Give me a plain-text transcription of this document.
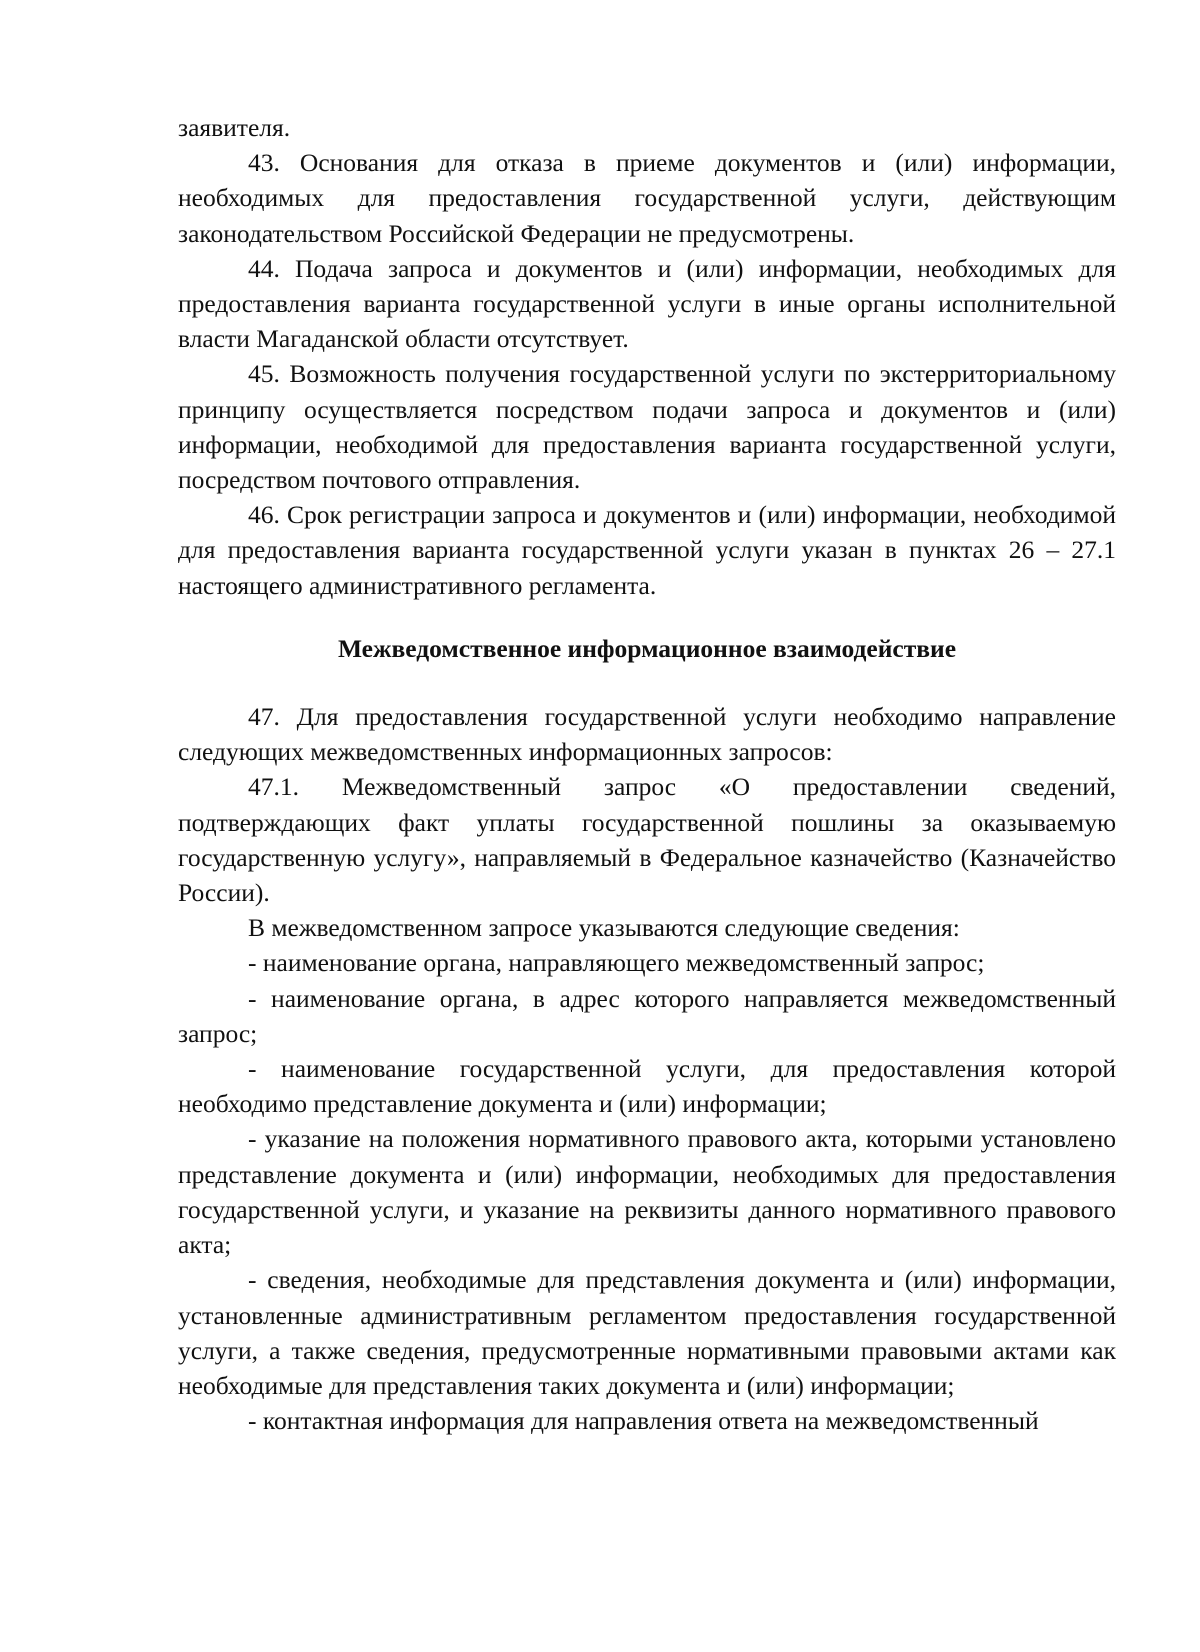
заявителя.

43. Основания для отказа в приеме документов и (или) информации, необходимых для предоставления государственной услуги, действующим законодательством Российской Федерации не предусмотрены.

44. Подача запроса и документов и (или) информации, необходимых для предоставления варианта государственной услуги в иные органы исполнительной власти Магаданской области отсутствует.

45. Возможность получения государственной услуги по экстерриториальному принципу осуществляется посредством подачи запроса и документов и (или) информации, необходимой для предоставления варианта государственной услуги, посредством почтового отправления.

46. Срок регистрации запроса и документов и (или) информации, необходимой для предоставления варианта государственной услуги указан в пунктах 26 – 27.1 настоящего административного регламента.

Межведомственное информационное взаимодействие

47. Для предоставления государственной услуги необходимо направление следующих межведомственных информационных запросов:

47.1. Межведомственный запрос «О предоставлении сведений, подтверждающих факт уплаты государственной пошлины за оказываемую государственную услугу», направляемый в Федеральное казначейство (Казначейство России).

В межведомственном запросе указываются следующие сведения:

- наименование органа, направляющего межведомственный запрос;

- наименование органа, в адрес которого направляется межведомственный запрос;

- наименование государственной услуги, для предоставления которой необходимо представление документа и (или) информации;

- указание на положения нормативного правового акта, которыми установлено представление документа и (или) информации, необходимых для предоставления государственной услуги, и указание на реквизиты данного нормативного правового акта;

- сведения, необходимые для представления документа и (или) информации, установленные административным регламентом предоставления государственной услуги, а также сведения, предусмотренные нормативными правовыми актами как необходимые для представления таких документа и (или) информации;

- контактная информация для направления ответа на межведомственный
